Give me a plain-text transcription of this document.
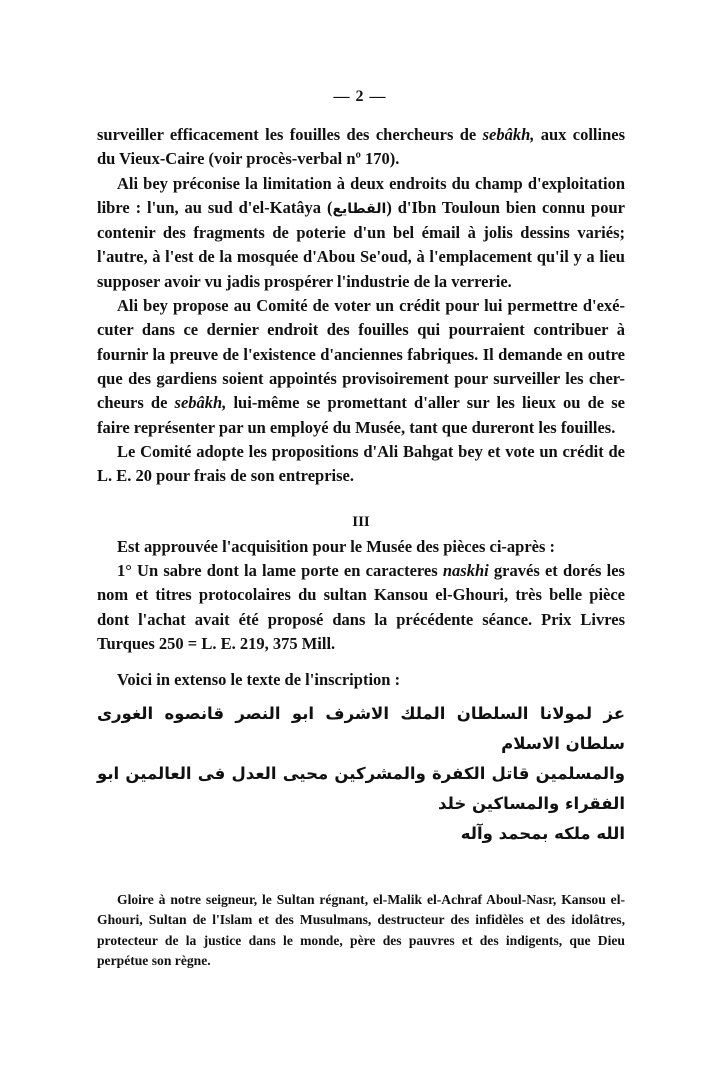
— 2 —

surveiller efficacement les fouilles des chercheurs de sebâkh, aux collines du Vieux-Caire (voir procès-verbal nº 170).

Ali bey préconise la limitation à deux endroits du champ d'exploitation libre : l'un, au sud d'el-Katâya (القطايع) d'Ibn Touloun bien connu pour contenir des fragments de poterie d'un bel émail à jolis dessins variés; l'autre, à l'est de la mosquée d'Abou Se'oud, à l'emplacement qu'il y a lieu supposer avoir vu jadis prospérer l'industrie de la verrerie.

Ali bey propose au Comité de voter un crédit pour lui permettre d'exé-cuter dans ce dernier endroit des fouilles qui pourraient contribuer à fournir la preuve de l'existence d'anciennes fabriques. Il demande en outre que des gardiens soient appointés provisoirement pour surveiller les cher-cheurs de sebâkh, lui-même se promettant d'aller sur les lieux ou de se faire représenter par un employé du Musée, tant que dureront les fouilles.

Le Comité adopte les propositions d'Ali Bahgat bey et vote un crédit de L. E. 20 pour frais de son entreprise.

III

Est approuvée l'acquisition pour le Musée des pièces ci-après :

1° Un sabre dont la lame porte en caracteres naskhi gravés et dorés les nom et titres protocolaires du sultan Kansou el-Ghouri, très belle pièce dont l'achat avait été proposé dans la précédente séance. Prix Livres Turques 250 = L. E. 219, 375 Mill.

Voici in extenso le texte de l'inscription :

عز لمولانا السلطان الملك الاشرف ابو النصر قانصوه الغورى سلطان الاسلام
والمسلمين قاتل الكفرة والمشركين محيى العدل فى العالمين ابو الفقراء والمساكين خلد
الله ملكه بمحمد وآله

Gloire à notre seigneur, le Sultan régnant, el-Malik el-Achraf Aboul-Nasr, Kansou el-Ghouri, Sultan de l'Islam et des Musulmans, destructeur des infidèles et des idolâtres, protecteur de la justice dans le monde, père des pauvres et des indigents, que Dieu perpétue son règne.
